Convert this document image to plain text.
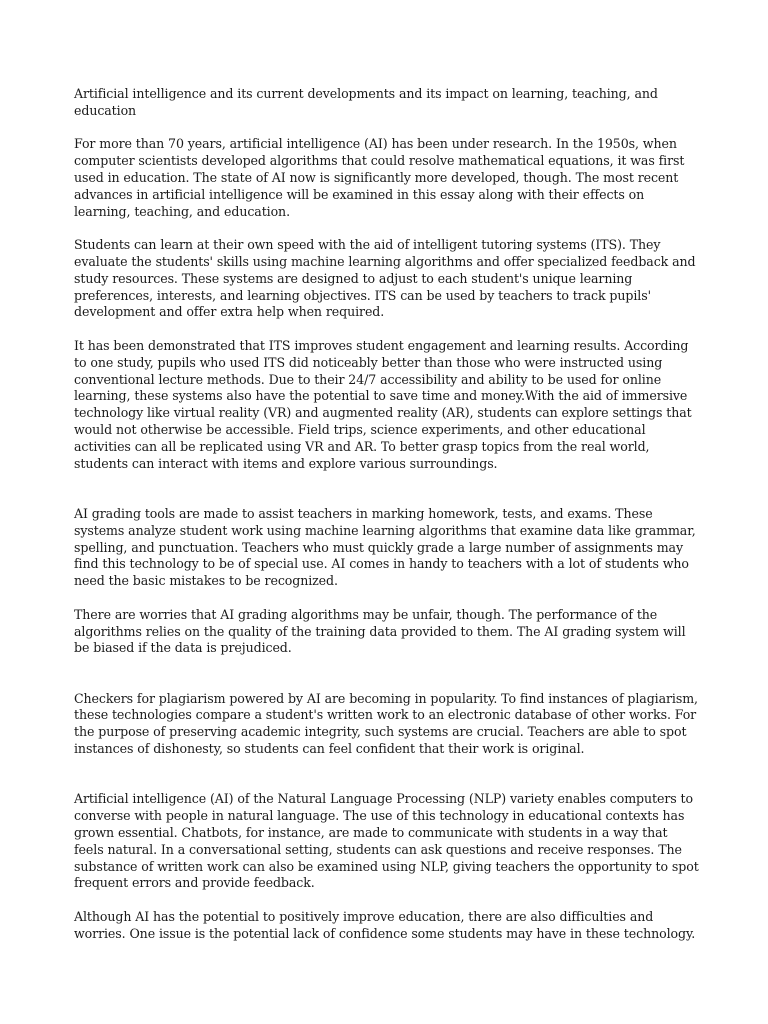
Artificial intelligence and its current developments and its impact on learning, teaching, and education

For more than 70 years, artificial intelligence (AI) has been under research. In the 1950s, when computer scientists developed algorithms that could resolve mathematical equations, it was first used in education. The state of AI now is significantly more developed, though. The most recent advances in artificial intelligence will be examined in this essay along with their effects on learning, teaching, and education.

Students can learn at their own speed with the aid of intelligent tutoring systems (ITS). They evaluate the students' skills using machine learning algorithms and offer specialized feedback and study resources. These systems are designed to adjust to each student's unique learning preferences, interests, and learning objectives. ITS can be used by teachers to track pupils' development and offer extra help when required.

It has been demonstrated that ITS improves student engagement and learning results. According to one study, pupils who used ITS did noticeably better than those who were instructed using conventional lecture methods. Due to their 24/7 accessibility and ability to be used for online learning, these systems also have the potential to save time and money.With the aid of immersive technology like virtual reality (VR) and augmented reality (AR), students can explore settings that would not otherwise be accessible. Field trips, science experiments, and other educational activities can all be replicated using VR and AR. To better grasp topics from the real world, students can interact with items and explore various surroundings.

AI grading tools are made to assist teachers in marking homework, tests, and exams. These systems analyze student work using machine learning algorithms that examine data like grammar, spelling, and punctuation. Teachers who must quickly grade a large number of assignments may find this technology to be of special use. AI comes in handy to teachers with a lot of students who need the basic mistakes to be recognized.

There are worries that AI grading algorithms may be unfair, though. The performance of the algorithms relies on the quality of the training data provided to them. The AI grading system will be biased if the data is prejudiced.

Checkers for plagiarism powered by AI are becoming in popularity. To find instances of plagiarism, these technologies compare a student's written work to an electronic database of other works. For the purpose of preserving academic integrity, such systems are crucial. Teachers are able to spot instances of dishonesty, so students can feel confident that their work is original.

Artificial intelligence (AI) of the Natural Language Processing (NLP) variety enables computers to converse with people in natural language. The use of this technology in educational contexts has grown essential. Chatbots, for instance, are made to communicate with students in a way that feels natural. In a conversational setting, students can ask questions and receive responses. The substance of written work can also be examined using NLP, giving teachers the opportunity to spot frequent errors and provide feedback.

Although AI has the potential to positively improve education, there are also difficulties and worries. One issue is the potential lack of confidence some students may have in these technology.
